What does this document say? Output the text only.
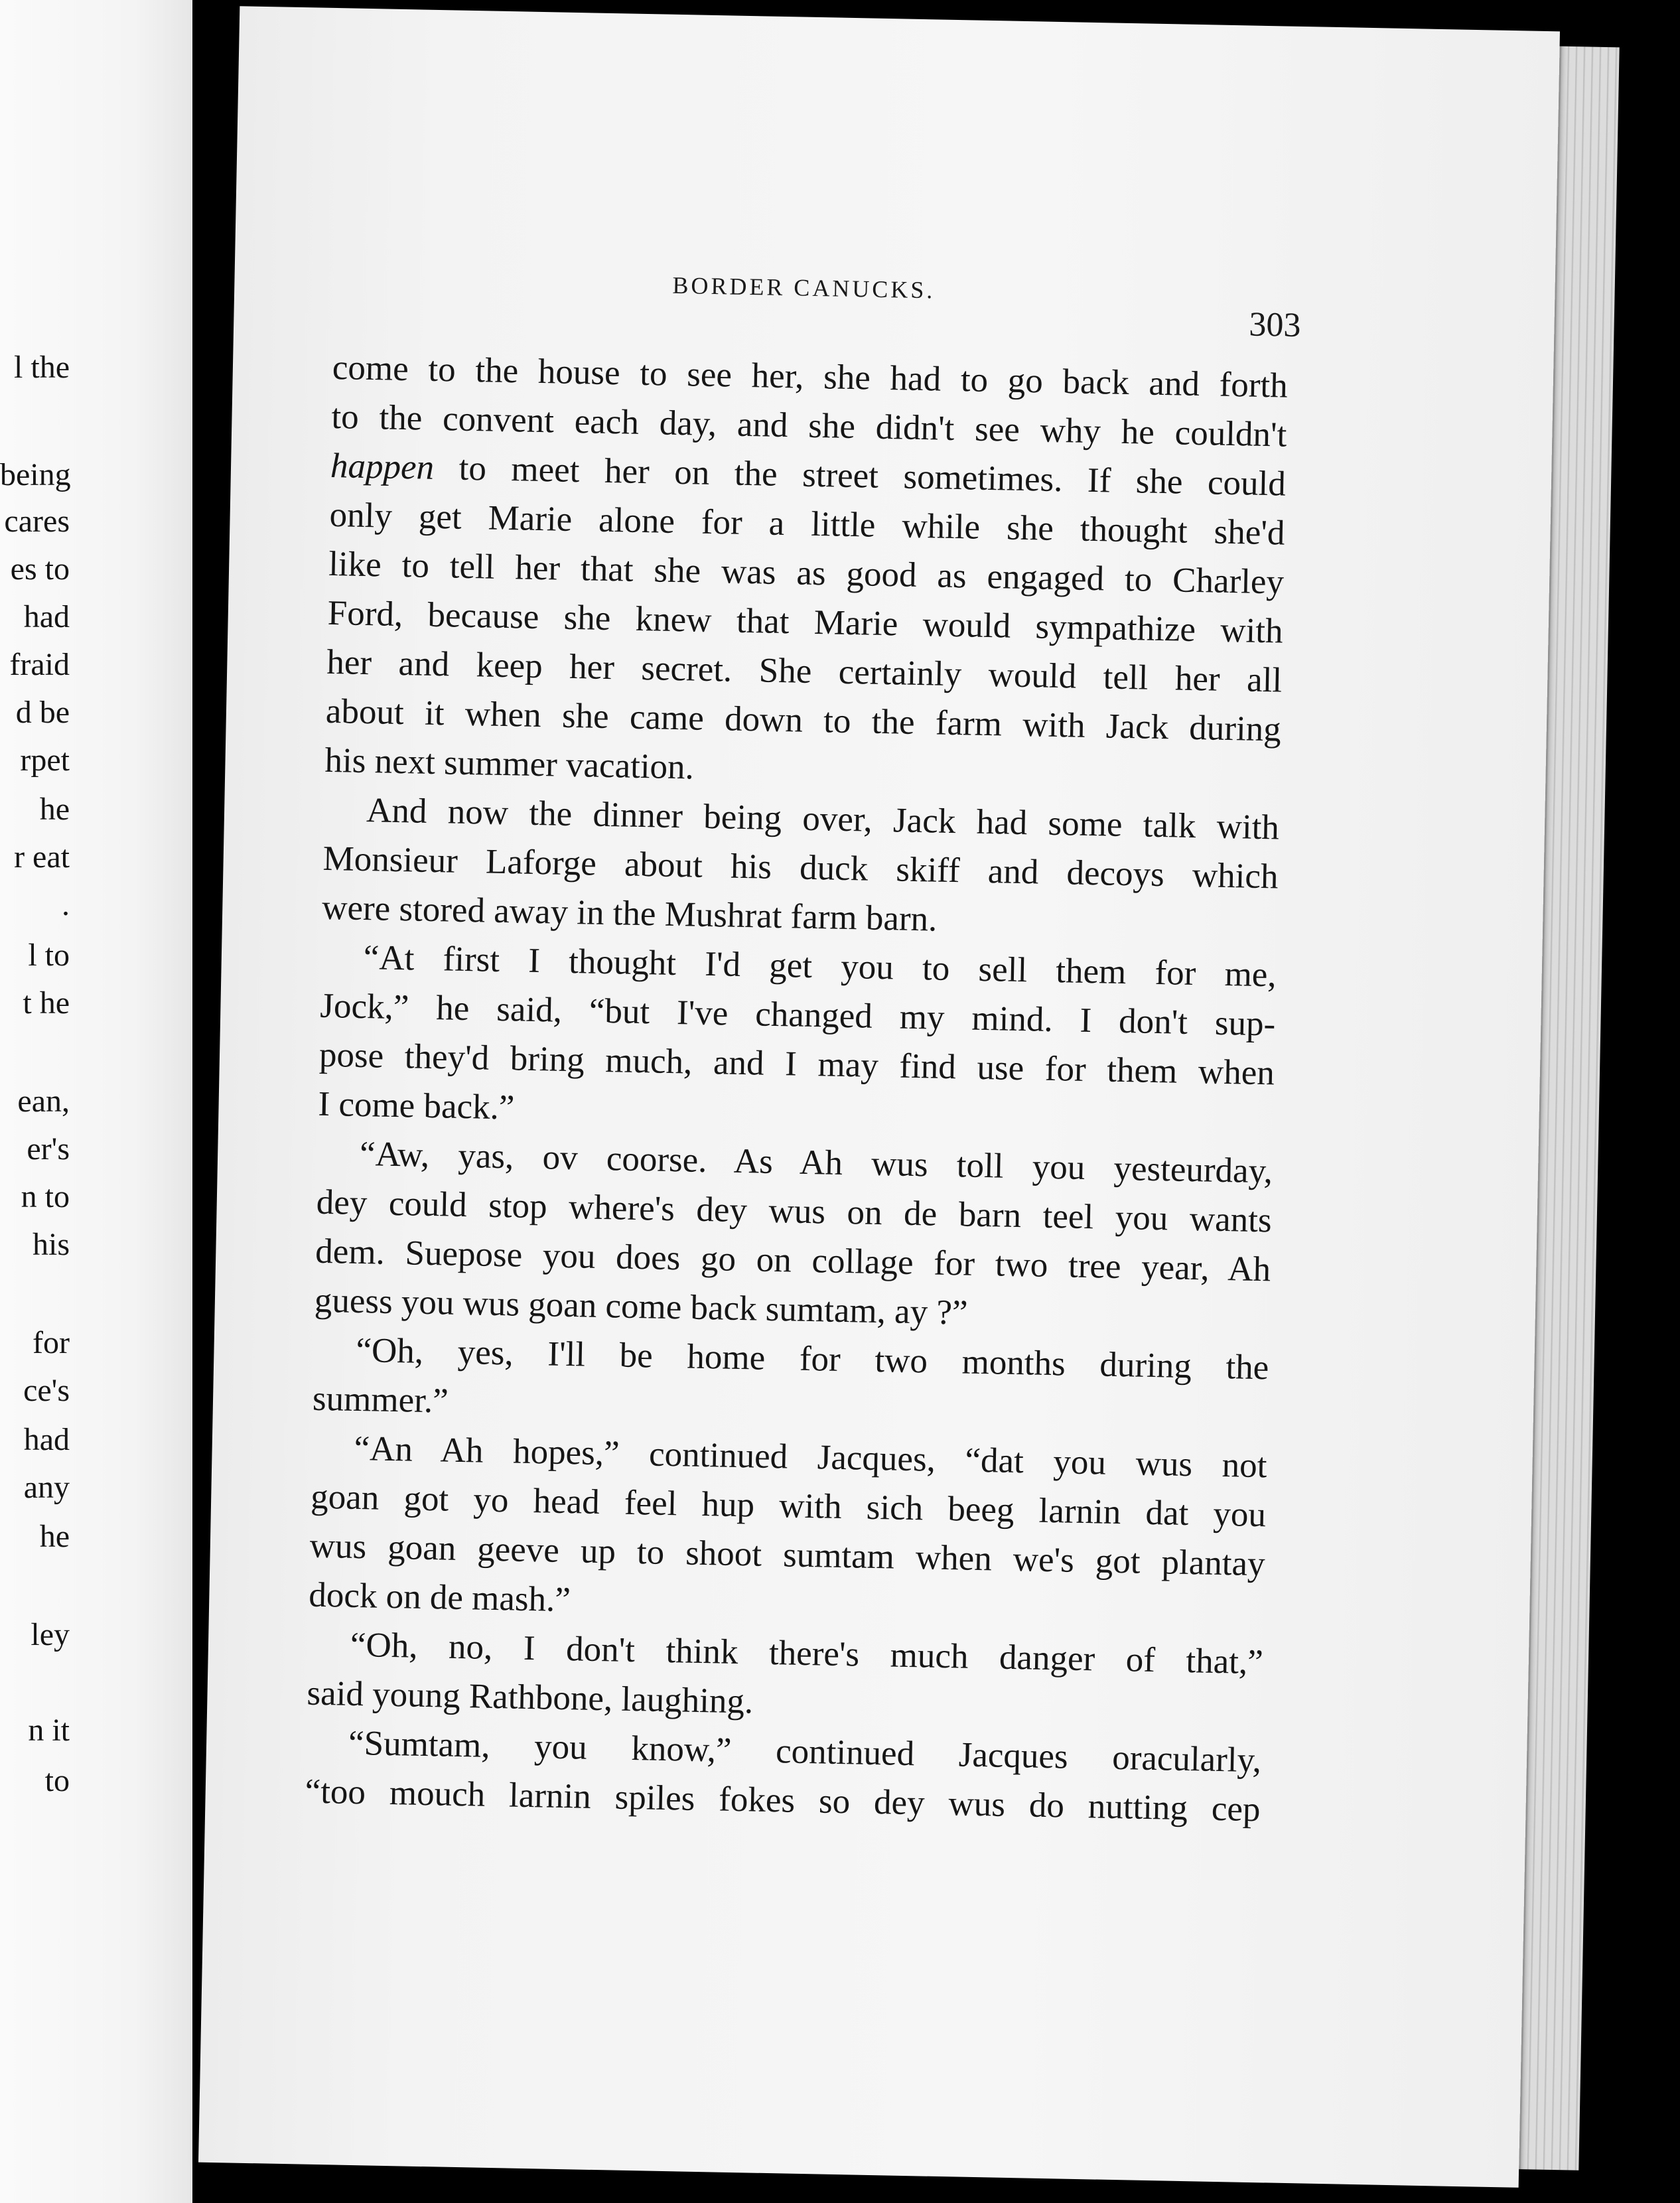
l the

being

cares

es to

had

fraid

d be

rpet

he

r eat

.

l to

t he

ean,

er's

n to

his

for

ce's

had

any

he

ley

n it

to

BORDER CANUCKS.

303

come to the house to see her, she had to go back and forth
to the convent each day, and she didn't see why he couldn't
happen to meet her on the street sometimes. If she could
only get Marie alone for a little while she thought she'd
like to tell her that she was as good as engaged to Charley
Ford, because she knew that Marie would sympathize with
her and keep her secret. She certainly would tell her all
about it when she came down to the farm with Jack during
his next summer vacation.
And now the dinner being over, Jack had some talk with
Monsieur Laforge about his duck skiff and decoys which
were stored away in the Mushrat farm barn.
“At first I thought I'd get you to sell them for me,
Jock,” he said, “but I've changed my mind. I don't sup-
pose they'd bring much, and I may find use for them when
I come back.”
“Aw, yas, ov coorse. As Ah wus toll you yesteurday,
dey could stop where's dey wus on de barn teel you wants
dem. Suepose you does go on collage for two tree year, Ah
guess you wus goan come back sumtam, ay ?”
“Oh, yes, I'll be home for two months during the
summer.”
“An Ah hopes,” continued Jacques, “dat you wus not
goan got yo head feel hup with sich beeg larnin dat you
wus goan geeve up to shoot sumtam when we's got plantay
dock on de mash.”
“Oh, no, I don't think there's much danger of that,”
said young Rathbone, laughing.
“Sumtam, you know,” continued Jacques oracularly,
“too mouch larnin spiles fokes so dey wus do nutting cep
